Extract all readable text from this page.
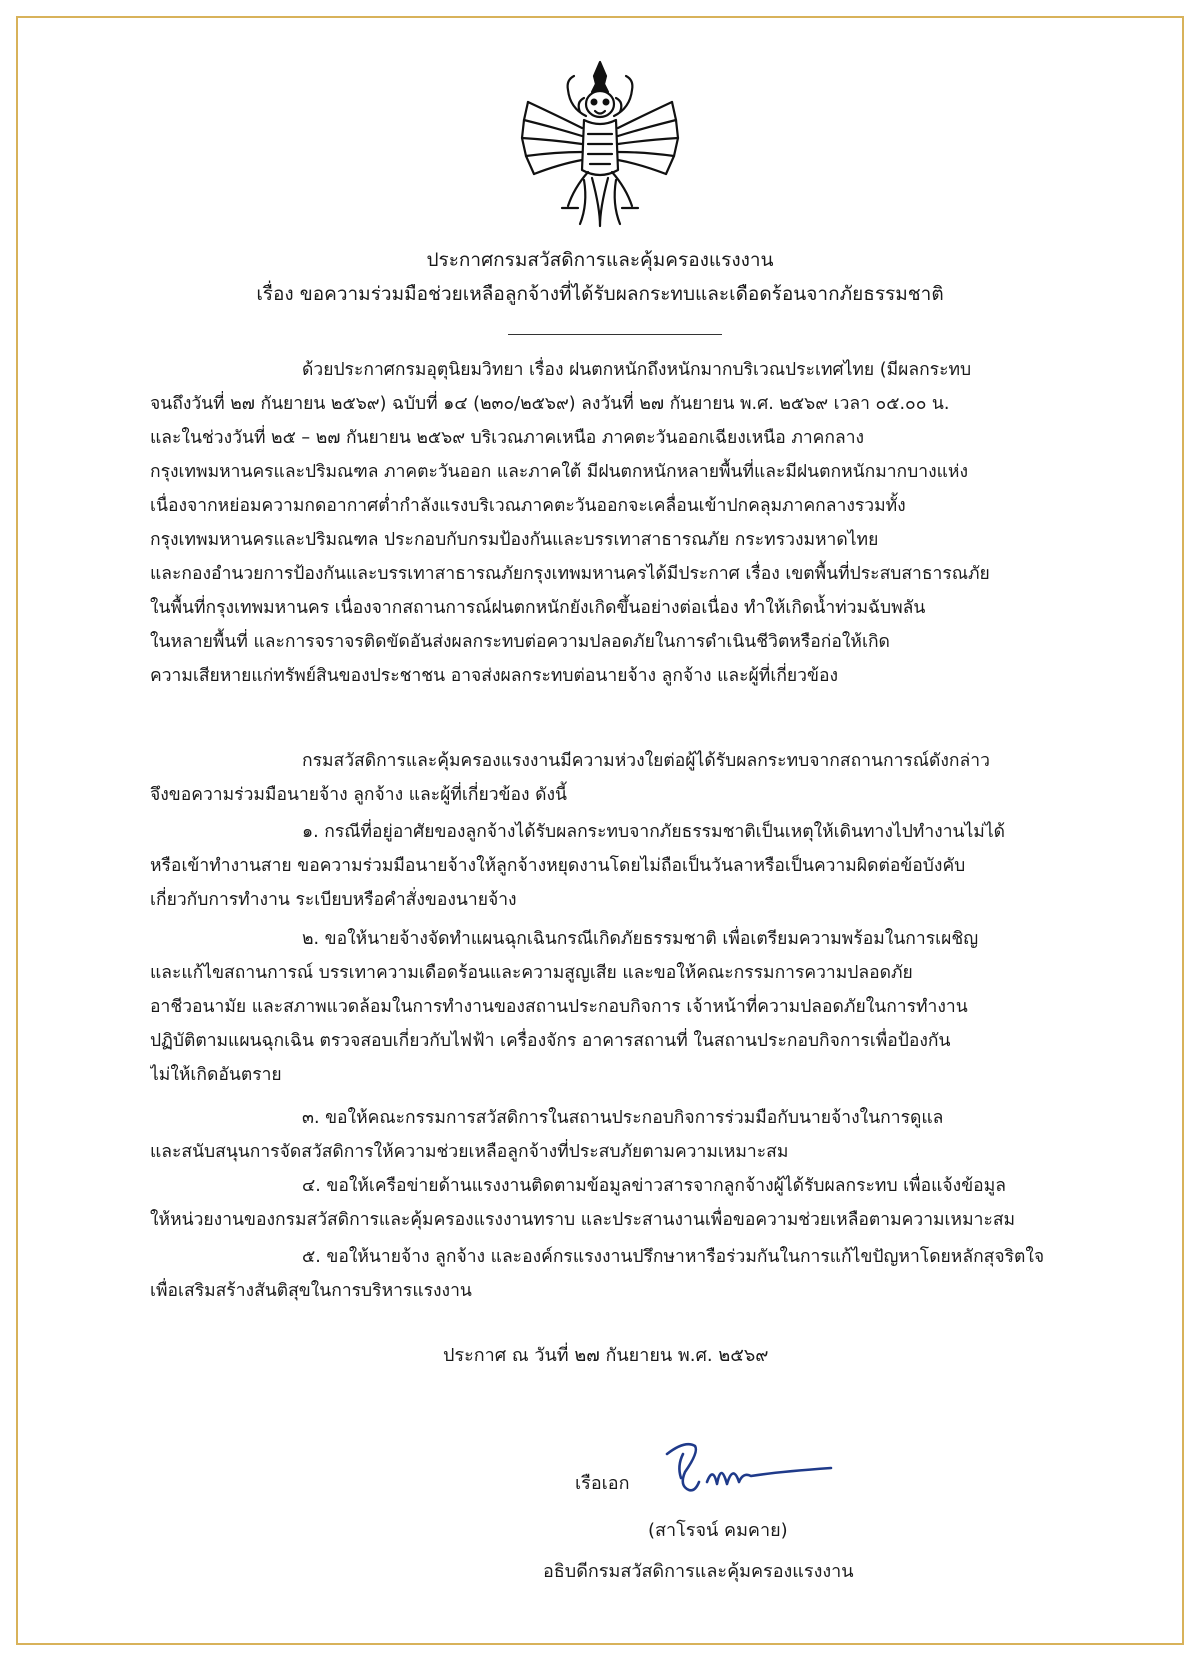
ประกาศกรมสวัสดิการและคุ้มครองแรงงาน
เรื่อง ขอความร่วมมือช่วยเหลือลูกจ้างที่ได้รับผลกระทบและเดือดร้อนจากภัยธรรมชาติ
ด้วยประกาศกรมอุตุนิยมวิทยา เรื่อง ฝนตกหนักถึงหนักมากบริเวณประเทศไทย (มีผลกระทบ
จนถึงวันที่ ๒๗ กันยายน ๒๕๖๙) ฉบับที่ ๑๔ (๒๓๐/๒๕๖๙) ลงวันที่ ๒๗ กันยายน พ.ศ. ๒๕๖๙ เวลา ๐๕.๐๐ น.
และในช่วงวันที่ ๒๕ – ๒๗ กันยายน ๒๕๖๙ บริเวณภาคเหนือ ภาคตะวันออกเฉียงเหนือ ภาคกลาง
กรุงเทพมหานครและปริมณฑล ภาคตะวันออก และภาคใต้ มีฝนตกหนักหลายพื้นที่และมีฝนตกหนักมากบางแห่ง
เนื่องจากหย่อมความกดอากาศต่ำกำลังแรงบริเวณภาคตะวันออกจะเคลื่อนเข้าปกคลุมภาคกลางรวมทั้ง
กรุงเทพมหานครและปริมณฑล ประกอบกับกรมป้องกันและบรรเทาสาธารณภัย กระทรวงมหาดไทย
และกองอำนวยการป้องกันและบรรเทาสาธารณภัยกรุงเทพมหานครได้มีประกาศ เรื่อง เขตพื้นที่ประสบสาธารณภัย
ในพื้นที่กรุงเทพมหานคร เนื่องจากสถานการณ์ฝนตกหนักยังเกิดขึ้นอย่างต่อเนื่อง ทำให้เกิดน้ำท่วมฉับพลัน
ในหลายพื้นที่ และการจราจรติดขัดอันส่งผลกระทบต่อความปลอดภัยในการดำเนินชีวิตหรือก่อให้เกิด
ความเสียหายแก่ทรัพย์สินของประชาชน อาจส่งผลกระทบต่อนายจ้าง ลูกจ้าง และผู้ที่เกี่ยวข้อง
กรมสวัสดิการและคุ้มครองแรงงานมีความห่วงใยต่อผู้ได้รับผลกระทบจากสถานการณ์ดังกล่าว
จึงขอความร่วมมือนายจ้าง ลูกจ้าง และผู้ที่เกี่ยวข้อง ดังนี้
๑. กรณีที่อยู่อาศัยของลูกจ้างได้รับผลกระทบจากภัยธรรมชาติเป็นเหตุให้เดินทางไปทำงานไม่ได้
หรือเข้าทำงานสาย ขอความร่วมมือนายจ้างให้ลูกจ้างหยุดงานโดยไม่ถือเป็นวันลาหรือเป็นความผิดต่อข้อบังคับ
เกี่ยวกับการทำงาน ระเบียบหรือคำสั่งของนายจ้าง
๒. ขอให้นายจ้างจัดทำแผนฉุกเฉินกรณีเกิดภัยธรรมชาติ เพื่อเตรียมความพร้อมในการเผชิญ
และแก้ไขสถานการณ์ บรรเทาความเดือดร้อนและความสูญเสีย และขอให้คณะกรรมการความปลอดภัย
อาชีวอนามัย และสภาพแวดล้อมในการทำงานของสถานประกอบกิจการ เจ้าหน้าที่ความปลอดภัยในการทำงาน
ปฏิบัติตามแผนฉุกเฉิน ตรวจสอบเกี่ยวกับไฟฟ้า เครื่องจักร อาคารสถานที่ ในสถานประกอบกิจการเพื่อป้องกัน
ไม่ให้เกิดอันตราย
๓. ขอให้คณะกรรมการสวัสดิการในสถานประกอบกิจการร่วมมือกับนายจ้างในการดูแล
และสนับสนุนการจัดสวัสดิการให้ความช่วยเหลือลูกจ้างที่ประสบภัยตามความเหมาะสม
๔. ขอให้เครือข่ายด้านแรงงานติดตามข้อมูลข่าวสารจากลูกจ้างผู้ได้รับผลกระทบ เพื่อแจ้งข้อมูล
ให้หน่วยงานของกรมสวัสดิการและคุ้มครองแรงงานทราบ และประสานงานเพื่อขอความช่วยเหลือตามความเหมาะสม
๕. ขอให้นายจ้าง ลูกจ้าง และองค์กรแรงงานปรึกษาหารือร่วมกันในการแก้ไขปัญหาโดยหลักสุจริตใจ
เพื่อเสริมสร้างสันติสุขในการบริหารแรงงาน
ประกาศ ณ วันที่ ๒๗ กันยายน พ.ศ. ๒๕๖๙
เรือเอก
(สาโรจน์ คมคาย)
อธิบดีกรมสวัสดิการและคุ้มครองแรงงาน
